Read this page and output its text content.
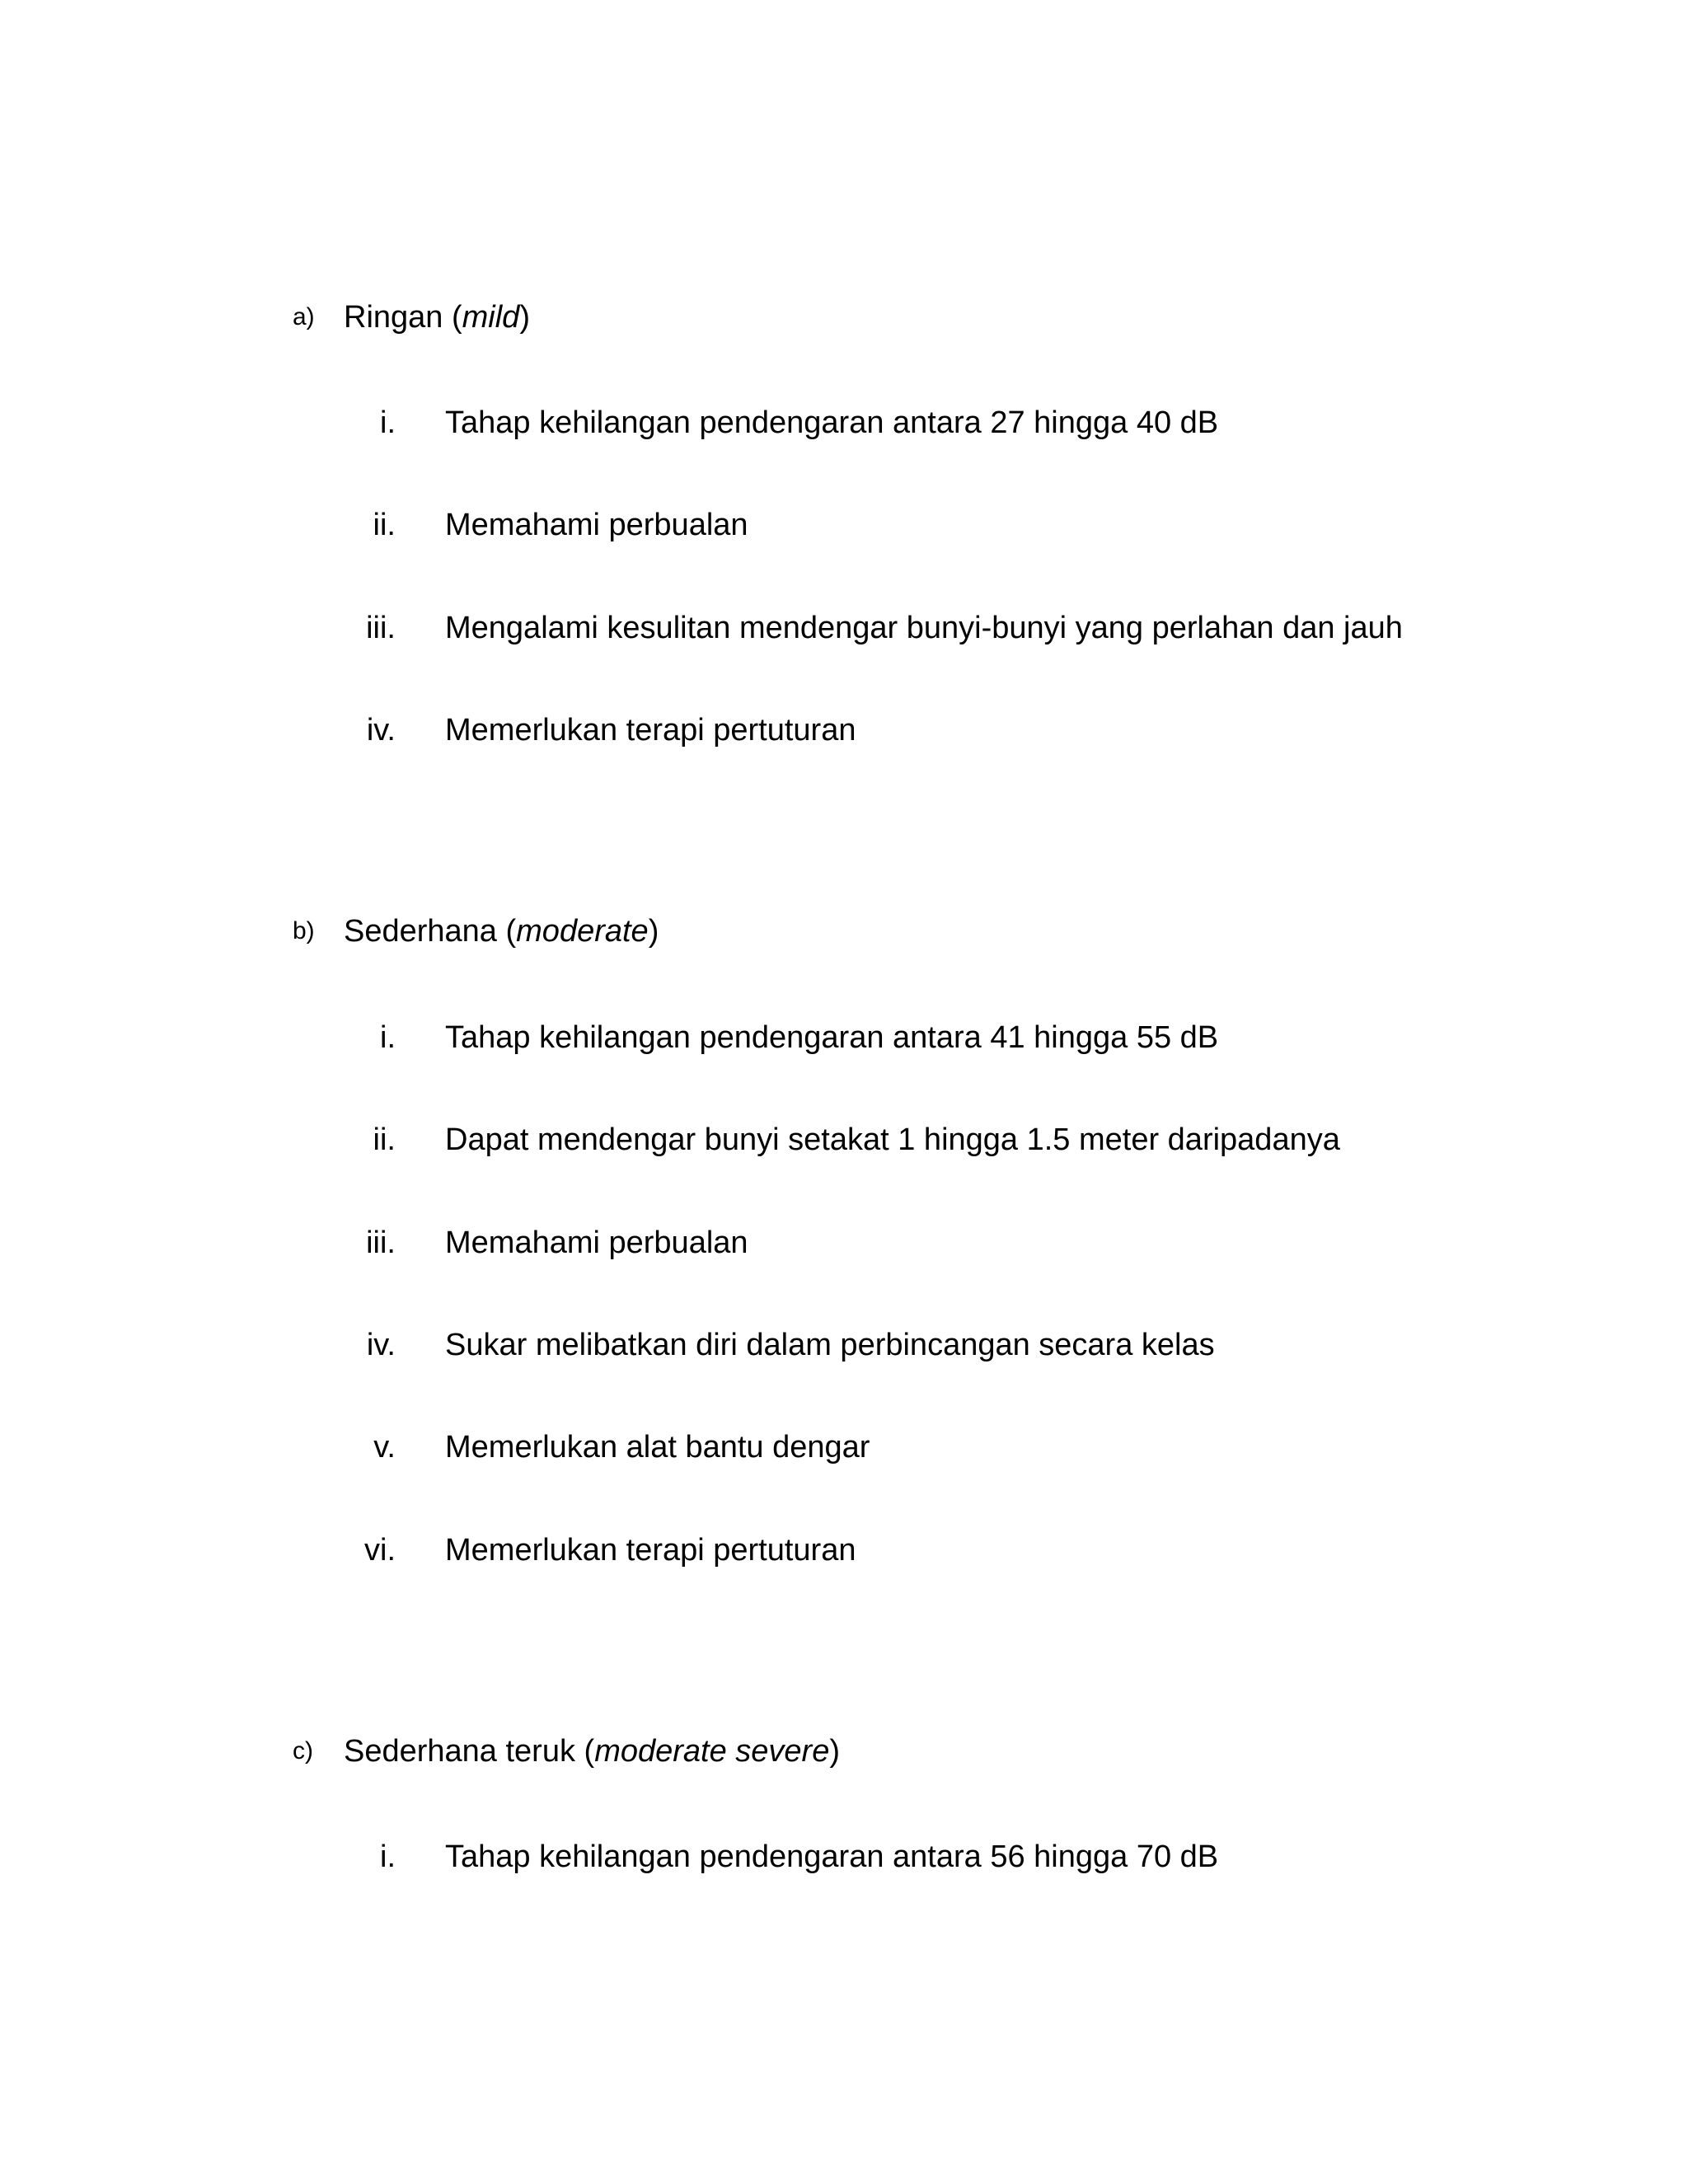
a) Ringan (mild)
i. Tahap kehilangan pendengaran antara 27 hingga 40 dB
ii. Memahami perbualan
iii. Mengalami kesulitan mendengar bunyi-bunyi yang perlahan dan jauh
iv. Memerlukan terapi pertuturan
b) Sederhana (moderate)
i. Tahap kehilangan pendengaran antara 41 hingga 55 dB
ii. Dapat mendengar bunyi setakat 1 hingga 1.5 meter daripadanya
iii. Memahami perbualan
iv. Sukar melibatkan diri dalam perbincangan secara kelas
v. Memerlukan alat bantu dengar
vi. Memerlukan terapi pertuturan
c) Sederhana teruk (moderate severe)
i. Tahap kehilangan pendengaran antara 56 hingga 70 dB
